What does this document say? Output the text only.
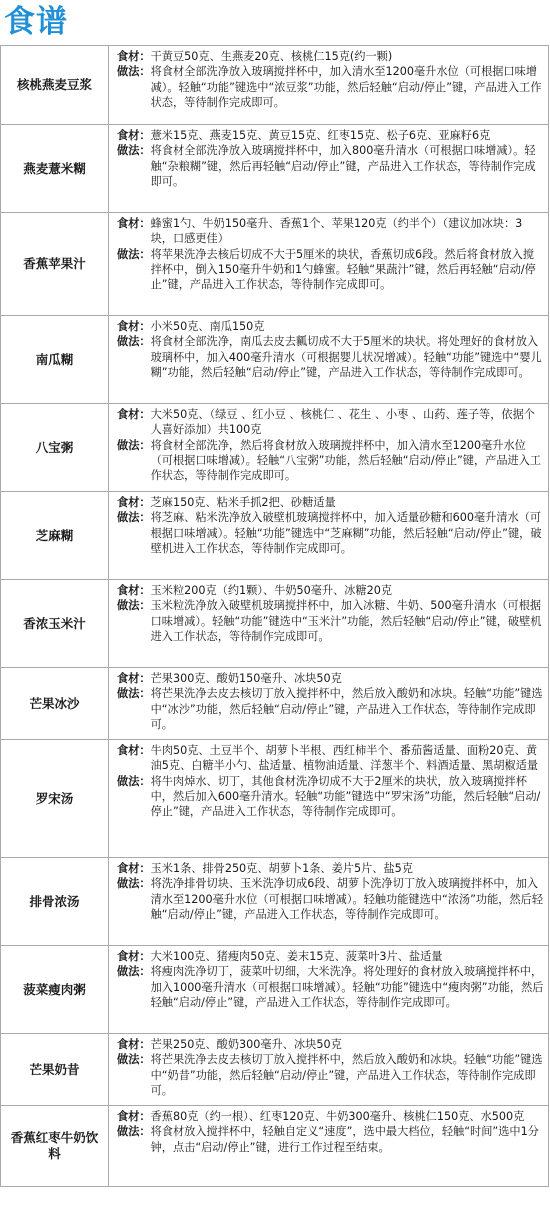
食谱
核桃燕麦豆浆	食材： 干黄豆50克、生燕麦20克、核桃仁15克(约一颗)
做法： 将食材全部洗净放入玻璃搅拌杯中，加入清水至1200毫升水位（可根据口味增减）。轻触“功能”键选中“浓豆浆”功能，然后轻触“启动/停止”键，产品进入工作状态，等待制作完成即可。

燕麦薏米糊	食材： 薏米15克、燕麦15克、黄豆15克、红枣15克、松子6克、亚麻籽6克
做法： 将食材全部洗净放入玻璃搅拌杯中，加入800毫升清水（可根据口味增减）。轻触“杂粮糊”键，然后再轻触“启动/停止”键，产品进入工作状态，等待制作完成即可。

香蕉苹果汁	食材： 蜂蜜1勺、牛奶150毫升、香蕉1个、苹果120克（约半个）（建议加冰块：3块，口感更佳）
做法： 将苹果洗净去核后切成不大于5厘米的块状，香蕉切成6段。然后将食材放入搅拌杯中，倒入150毫升牛奶和1勺蜂蜜。轻触“果蔬汁”键，然后再轻触“启动/停止”键，产品进入工作状态，等待制作完成即可。

南瓜糊	食材： 小米50克、南瓜150克
做法： 将食材全部洗净，南瓜去皮去瓤切成不大于5厘米的块状。将处理好的食材放入玻璃杯中，加入400毫升清水（可根据婴儿状况增减）。轻触“功能”键选中“婴儿糊”功能，然后轻触“启动/停止”键，产品进入工作状态，等待制作完成即可。

八宝粥	食材： 大米50克、（绿豆 、红小豆 、核桃仁 、花生 、小枣 、山药、莲子等，依据个人喜好添加）共100克
做法： 将食材全部洗净，然后将食材放入玻璃搅拌杯中，加入清水至1200毫升水位（可根据口味增减）。轻触“八宝粥”功能，然后轻触“启动/停止”键，产品进入工作状态，等待制作完成即可。

芝麻糊	食材： 芝麻150克、粘米手抓2把、砂糖适量
做法： 将芝麻、粘米洗净放入破壁机玻璃搅拌杯中，加入适量砂糖和600毫升清水（可根据口味增减）。轻触“功能”键选中“芝麻糊”功能，然后轻触“启动/停止”键，破壁机进入工作状态，等待制作完成即可。

香浓玉米汁	食材： 玉米粒200克（约1颗）、牛奶50毫升、冰糖20克
做法： 玉米粒洗净放入破壁机玻璃搅拌杯中，加入冰糖、牛奶、500毫升清水（可根据口味增减）。轻触“功能”键选中“玉米汁”功能，然后轻触“启动/停止”键，破壁机进入工作状态，等待制作完成即可。

芒果冰沙	食材： 芒果300克、酸奶150毫升、冰块50克
做法： 将芒果洗净去皮去核切丁放入搅拌杯中，然后放入酸奶和冰块。轻触“功能”键选中“冰沙”功能，然后轻触“启动/停止”键，产品进入工作状态，等待制作完成即可。

罗宋汤	食材： 牛肉50克、土豆半个、胡萝卜半根、西红柿半个、番茄酱适量、面粉20克、黄油5克、白糖半小勺、盐适量、植物油适量、洋葱半个、料酒适量、黑胡椒适量
做法： 将牛肉焯水、切丁，其他食材洗净切成不大于2厘米的块状，放入玻璃搅拌杯中，然后加入600毫升清水。轻触“功能”键选中“罗宋汤”功能，然后轻触“启动/停止”键，产品进入工作状态，等待制作完成即可。

排骨浓汤	食材： 玉米1条、排骨250克、胡萝卜1条、姜片5片、盐5克
做法： 将洗净排骨切块、玉米洗净切成6段、胡萝卜洗净切丁放入玻璃搅拌杯中，加入清水至1200毫升水位（可根据口味增减）。轻触功能键选中“浓汤”功能，然后轻触“启动/停止”键，产品进入工作状态，等待制作完成即可。

菠菜瘦肉粥	食材： 大米100克、猪瘦肉50克、姜末15克、菠菜叶3片、盐适量
做法： 将瘦肉洗净切丁，菠菜叶切细，大米洗净。将处理好的食材放入玻璃搅拌杯中，加入1000毫升清水（可根据口味增减）。轻触“功能”键选中“瘦肉粥”功能，然后轻触“启动/停止”键，产品进入工作状态，等待制作完成即可。

芒果奶昔	食材： 芒果250克、酸奶300毫升、冰块50克
做法： 将芒果洗净去皮去核切丁放入搅拌杯中，然后放入酸奶和冰块。轻触“功能”键选中“奶昔”功能，然后轻触“启动/停止”键，产品进入工作状态，等待制作完成即可。

香蕉红枣牛奶饮料	食材： 香蕉80克（约一根）、红枣120克、牛奶300毫升、核桃仁150克、水500克
做法： 将食材放入搅拌杯中，轻触自定义“速度”，选中最大档位，轻触“时间”选中1分钟，点击“启动/停止”键，进行工作过程至结束。
